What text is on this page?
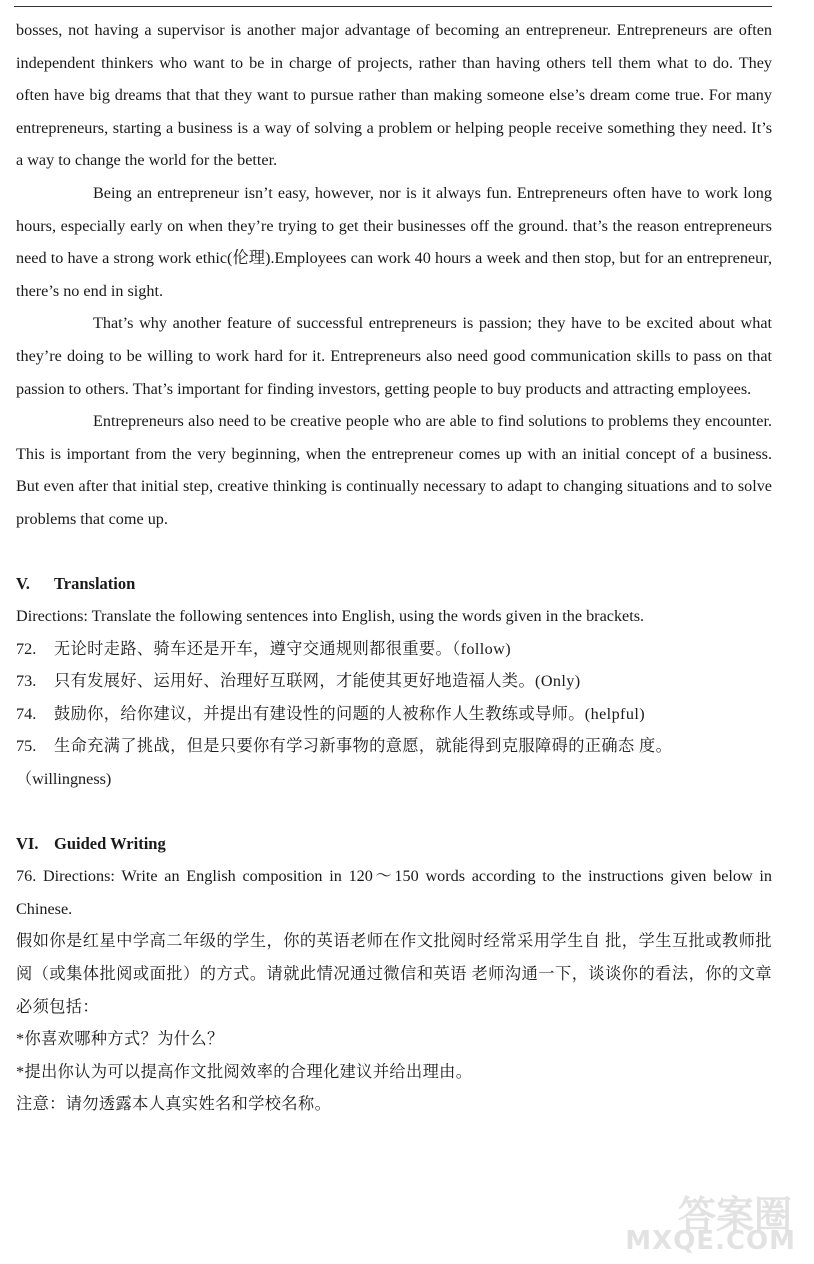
bosses, not having a supervisor is another major advantage of becoming an entrepreneur. Entrepreneurs are often independent thinkers who want to be in charge of projects, rather than having others tell them what to do. They often have big dreams that that they want to pursue rather than making someone else’s dream come true. For many entrepreneurs, starting a business is a way of solving a problem or helping people receive something they need. It’s a way to change the world for the better.

Being an entrepreneur isn’t easy, however, nor is it always fun. Entrepreneurs often have to work long hours, especially early on when they’re trying to get their businesses off the ground. that’s the reason entrepreneurs need to have a strong work ethic(伦理).Employees can work 40 hours a week and then stop, but for an entrepreneur, there’s no end in sight.

That’s why another feature of successful entrepreneurs is passion; they have to be excited about what they’re doing to be willing to work hard for it. Entrepreneurs also need good communication skills to pass on that passion to others. That’s important for finding investors, getting people to buy products and attracting employees.

Entrepreneurs also need to be creative people who are able to find solutions to problems they encounter. This is important from the very beginning, when the entrepreneur comes up with an initial concept of a business. But even after that initial step, creative thinking is continually necessary to adapt to changing situations and to solve problems that come up.

V. Translation

Directions: Translate the following sentences into English, using the words given in the brackets.

72.	无论时走路、骑车还是开车，遵守交通规则都很重要。（follow)
73.	只有发展好、运用好、治理好互联网，才能使其更好地造福人类。(Only)
74.	鼓励你，给你建议，并提出有建设性的问题的人被称作人生教练或导师。(helpful)
75.	生命充满了挑战，但是只要你有学习新事物的意愿，就能得到克服障碍的正确态 度。

（willingness)

VI. Guided Writing

76. Directions: Write an English composition in 120～150 words according to the instructions given below in Chinese.

假如你是红星中学高二年级的学生，你的英语老师在作文批阅时经常采用学生自 批，学生互批或教师批阅（或集体批阅或面批）的方式。请就此情况通过微信和英语 老师沟通一下，谈谈你的看法，你的文章必须包括：

*你喜欢哪种方式？为什么？

*提出你认为可以提高作文批阅效率的合理化建议并给出理由。

注意：请勿透露本人真实姓名和学校名称。

答案圈
MXQE.COM
